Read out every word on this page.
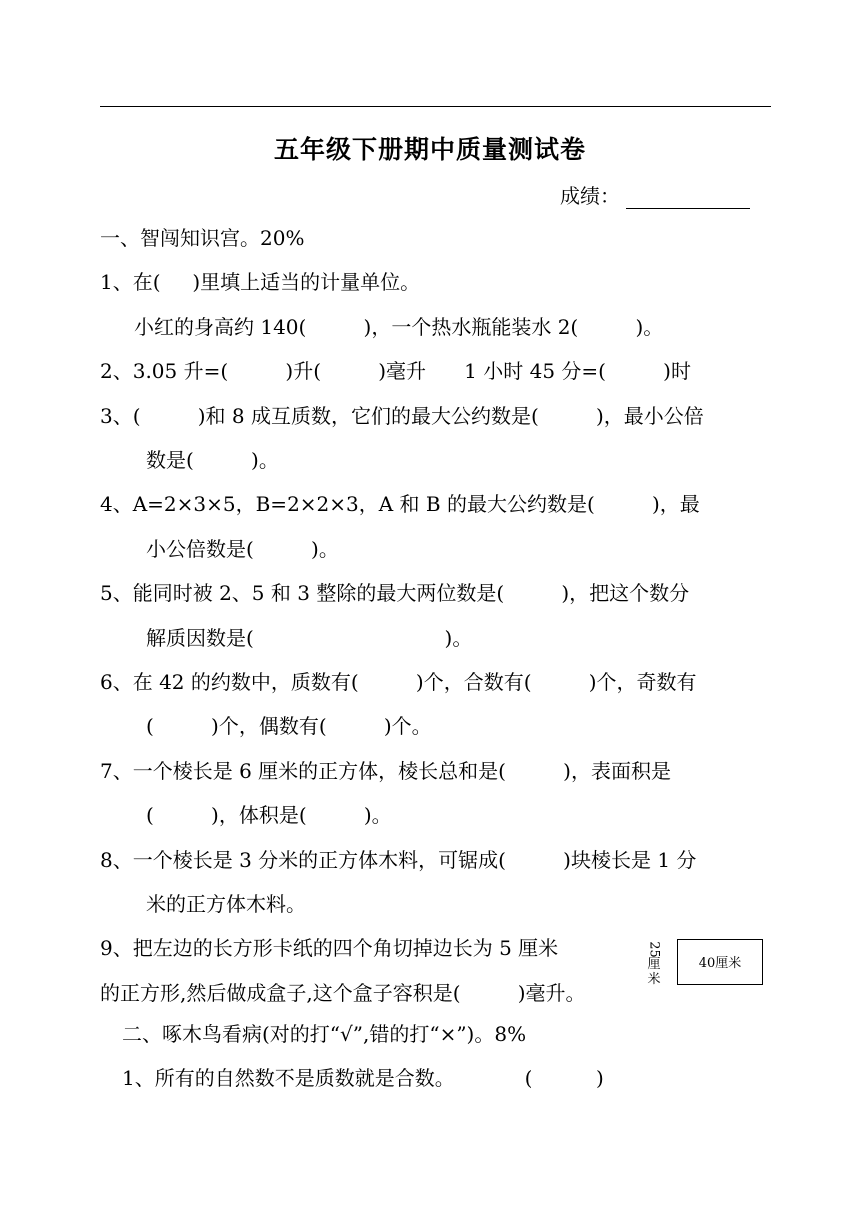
五年级下册期中质量测试卷
成绩：
一、智闯知识宫。20%
1、在(     )里填上适当的计量单位。
小红的身高约 140(         )，一个热水瓶能装水 2(         )。
2、3.05 升=(         )升(         )毫升      1 小时 45 分=(         )时
3、(         )和 8 成互质数，它们的最大公约数是(         )，最小公倍
数是(         )。
4、A=2×3×5，B=2×2×3，A 和 B 的最大公约数是(         )，最
小公倍数是(         )。
5、能同时被 2、5 和 3 整除的最大两位数是(         )，把这个数分
解质因数是(                              )。
6、在 42 的约数中，质数有(         )个，合数有(         )个，奇数有
(         )个，偶数有(         )个。
7、一个棱长是 6 厘米的正方体，棱长总和是(         )，表面积是
(         )，体积是(         )。
8、一个棱长是 3 分米的正方体木料，可锯成(         )块棱长是 1 分
米的正方体木料。
9、把左边的长方形卡纸的四个角切掉边长为 5 厘米
的正方形,然后做成盒子,这个盒子容积是(         )毫升。
25
厘
米
40厘米
二、啄木鸟看病(对的打“√”,错的打“×”)。8%
1、所有的自然数不是质数就是合数。           (          )
